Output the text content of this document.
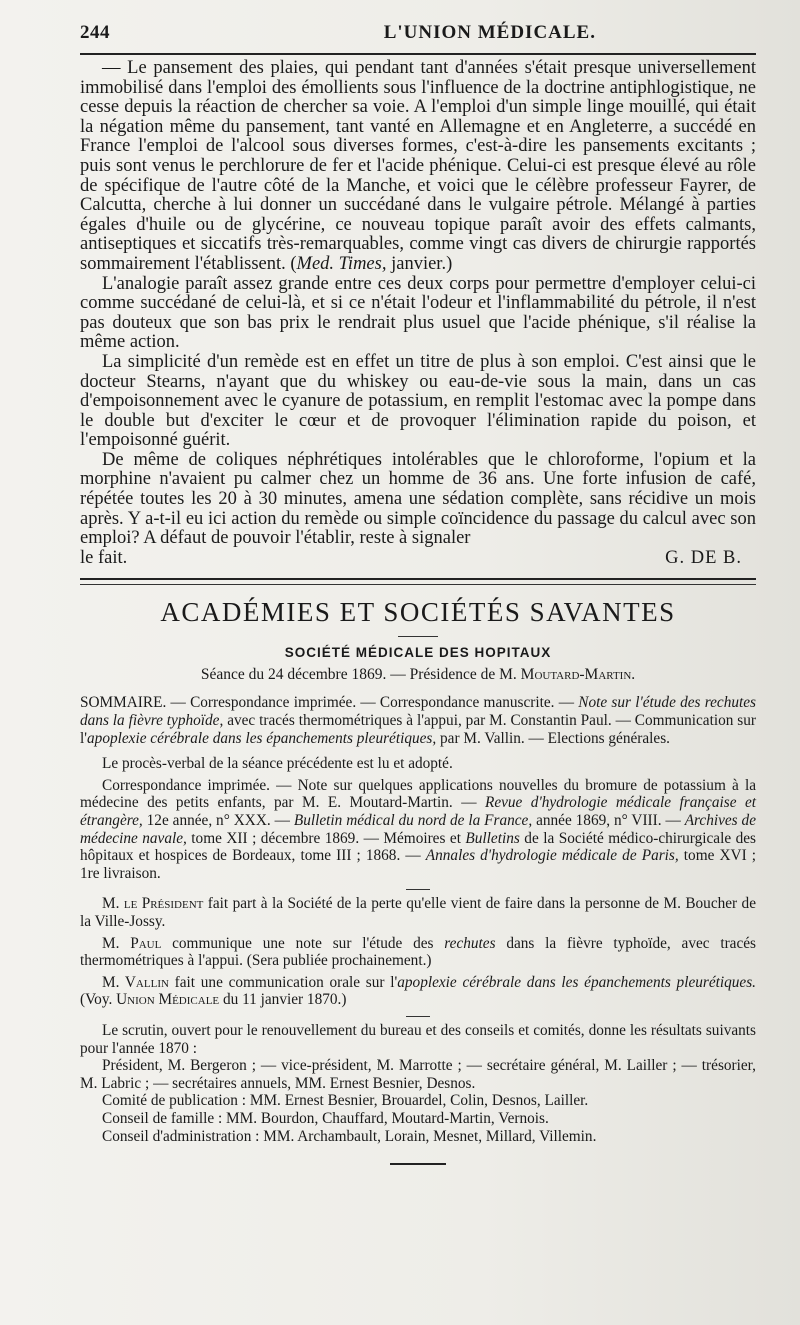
244	L'UNION MÉDICALE.

— Le pansement des plaies, qui pendant tant d'années s'était presque universellement immobilisé dans l'emploi des émollients sous l'influence de la doctrine antiphlogistique, ne cesse depuis la réaction de chercher sa voie. A l'emploi d'un simple linge mouillé, qui était la négation même du pansement, tant vanté en Allemagne et en Angleterre, a succédé en France l'emploi de l'alcool sous diverses formes, c'est-à-dire les pansements excitants ; puis sont venus le perchlorure de fer et l'acide phénique. Celui-ci est presque élevé au rôle de spécifique de l'autre côté de la Manche, et voici que le célèbre professeur Fayrer, de Calcutta, cherche à lui donner un succédané dans le vulgaire pétrole. Mélangé à parties égales d'huile ou de glycérine, ce nouveau topique paraît avoir des effets calmants, antiseptiques et siccatifs très-remarquables, comme vingt cas divers de chirurgie rapportés sommairement l'établissent. (Med. Times, janvier.)

L'analogie paraît assez grande entre ces deux corps pour permettre d'employer celui-ci comme succédané de celui-là, et si ce n'était l'odeur et l'inflammabilité du pétrole, il n'est pas douteux que son bas prix le rendrait plus usuel que l'acide phénique, s'il réalise la même action.

La simplicité d'un remède est en effet un titre de plus à son emploi. C'est ainsi que le docteur Stearns, n'ayant que du whiskey ou eau-de-vie sous la main, dans un cas d'empoisonnement avec le cyanure de potassium, en remplit l'estomac avec la pompe dans le double but d'exciter le cœur et de provoquer l'élimination rapide du poison, et l'empoisonné guérit.

De même de coliques néphrétiques intolérables que le chloroforme, l'opium et la morphine n'avaient pu calmer chez un homme de 36 ans. Une forte infusion de café, répétée toutes les 20 à 30 minutes, amena une sédation complète, sans récidive un mois après. Y a-t-il eu ici action du remède ou simple coïncidence du passage du calcul avec son emploi? A défaut de pouvoir l'établir, reste à signaler

le fait.	G. DE B.
ACADÉMIES ET SOCIÉTÉS SAVANTES
SOCIÉTÉ MÉDICALE DES HOPITAUX
Séance du 24 décembre 1869. — Présidence de M. Moutard-Martin.

SOMMAIRE. — Correspondance imprimée. — Correspondance manuscrite. — Note sur l'étude des rechutes dans la fièvre typhoïde, avec tracés thermométriques à l'appui, par M. Constantin Paul. — Communication sur l'apoplexie cérébrale dans les épanchements pleurétiques, par M. Vallin. — Elections générales.

Le procès-verbal de la séance précédente est lu et adopté.

Correspondance imprimée. — Note sur quelques applications nouvelles du bromure de potassium à la médecine des petits enfants, par M. E. Moutard-Martin. — Revue d'hydrologie médicale française et étrangère, 12e année, n° XXX. — Bulletin médical du nord de la France, année 1869, n° VIII. — Archives de médecine navale, tome XII ; décembre 1869. — Mémoires et Bulletins de la Société médico-chirurgicale des hôpitaux et hospices de Bordeaux, tome III ; 1868. — Annales d'hydrologie médicale de Paris, tome XVI ; 1re livraison.

M. le Président fait part à la Société de la perte qu'elle vient de faire dans la personne de M. Boucher de la Ville-Jossy.

M. Paul communique une note sur l'étude des rechutes dans la fièvre typhoïde, avec tracés thermométriques à l'appui. (Sera publiée prochainement.)

M. Vallin fait une communication orale sur l'apoplexie cérébrale dans les épanchements pleurétiques. (Voy. Union Médicale du 11 janvier 1870.)

Le scrutin, ouvert pour le renouvellement du bureau et des conseils et comités, donne les résultats suivants pour l'année 1870 :

Président, M. Bergeron ; — vice-président, M. Marrotte ; — secrétaire général, M. Lailler ; — trésorier, M. Labric ; — secrétaires annuels, MM. Ernest Besnier, Desnos.

Comité de publication : MM. Ernest Besnier, Brouardel, Colin, Desnos, Lailler.

Conseil de famille : MM. Bourdon, Chauffard, Moutard-Martin, Vernois.

Conseil d'administration : MM. Archambault, Lorain, Mesnet, Millard, Villemin.
